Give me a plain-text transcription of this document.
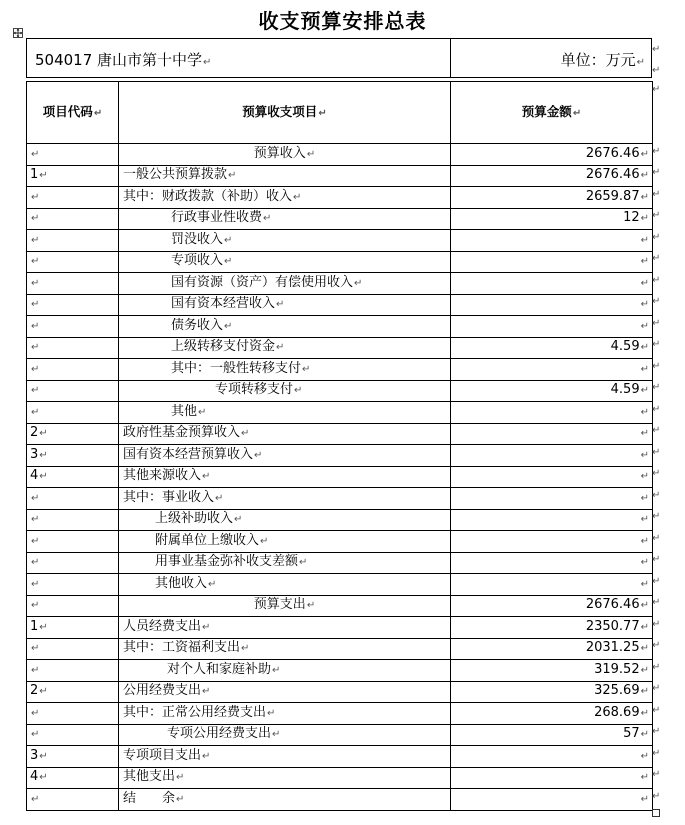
收支预算安排总表
504017 唐山市第十中学↵	单位：万元↵
项目代码↵	预算收支项目↵	预算金额↵
↵	预算收入↵	2676.46↵
1↵	一般公共预算拨款↵	2676.46↵
↵	其中：财政拨款（补助）收入↵	2659.87↵
↵	行政事业性收费↵	12↵
↵	罚没收入↵	↵
↵	专项收入↵	↵
↵	国有资源（资产）有偿使用收入↵	↵
↵	国有资本经营收入↵	↵
↵	债务收入↵	↵
↵	上级转移支付资金↵	4.59↵
↵	其中：一般性转移支付↵	↵
↵	专项转移支付↵	4.59↵
↵	其他↵	↵
2↵	政府性基金预算收入↵	↵
3↵	国有资本经营预算收入↵	↵
4↵	其他来源收入↵	↵
↵	其中：事业收入↵	↵
↵	上级补助收入↵	↵
↵	附属单位上缴收入↵	↵
↵	用事业基金弥补收支差额↵	↵
↵	其他收入↵	↵
↵	预算支出↵	2676.46↵
1↵	人员经费支出↵	2350.77↵
↵	其中：工资福利支出↵	2031.25↵
↵	对个人和家庭补助↵	319.52↵
2↵	公用经费支出↵	325.69↵
↵	其中：正常公用经费支出↵	268.69↵
↵	专项公用经费支出↵	57↵
3↵	专项项目支出↵	↵
4↵	其他支出↵	↵
↵	结　　余↵	↵
↵
↵
↵
↵
↵
↵
↵
↵
↵
↵
↵
↵
↵
↵
↵
↵
↵
↵
↵
↵
↵
↵
↵
↵
↵
↵
↵
↵
↵
↵
↵
↵
↵
↵
